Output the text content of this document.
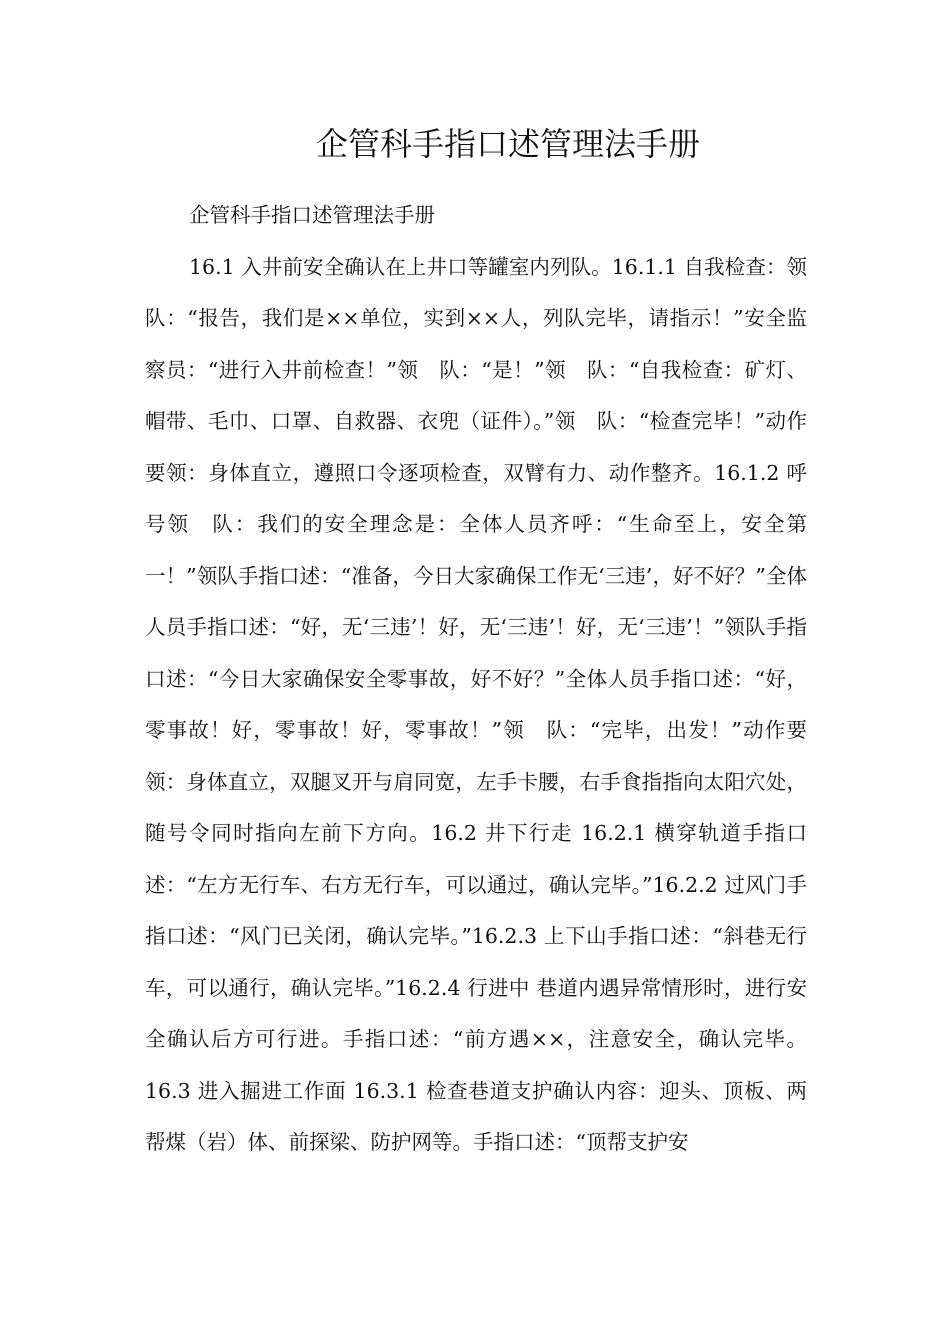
企管科手指口述管理法手册

企管科手指口述管理法手册

16.1 入井前安全确认在上井口等罐室内列队。16.1.1 自我检查：领　队：“报告，我们是××单位，实到××人，列队完毕，请指示！”安全监察员：“进行入井前检查！”领　队：“是！”领　队：“自我检查：矿灯、帽带、毛巾、口罩、自救器、衣兜（证件）。”领　队：“检查完毕！”动作要领：身体直立，遵照口令逐项检查，双臂有力、动作整齐。16.1.2 呼号领　队：我们的安全理念是：全体人员齐呼：“生命至上，安全第一！”领队手指口述：“准备，今日大家确保工作无‘三违’，好不好？”全体人员手指口述：“好，无‘三违’！好，无‘三违’！好，无‘三违’！”领队手指口述：“今日大家确保安全零事故，好不好？”全体人员手指口述：“好，零事故！好，零事故！好，零事故！”领　队：“完毕，出发！”动作要领：身体直立，双腿叉开与肩同宽，左手卡腰，右手食指指向太阳穴处，随号令同时指向左前下方向。16.2 井下行走 16.2.1 横穿轨道手指口述：“左方无行车、右方无行车，可以通过，确认完毕。”16.2.2 过风门手指口述：“风门已关闭，确认完毕。”16.2.3 上下山手指口述：“斜巷无行车，可以通行，确认完毕。”16.2.4 行进中 巷道内遇异常情形时，进行安全确认后方可行进。手指口述：“前方遇××，注意安全，确认完毕。16.3 进入掘进工作面 16.3.1 检查巷道支护确认内容：迎头、顶板、两帮煤（岩）体、前探梁、防护网等。手指口述：“顶帮支护安
